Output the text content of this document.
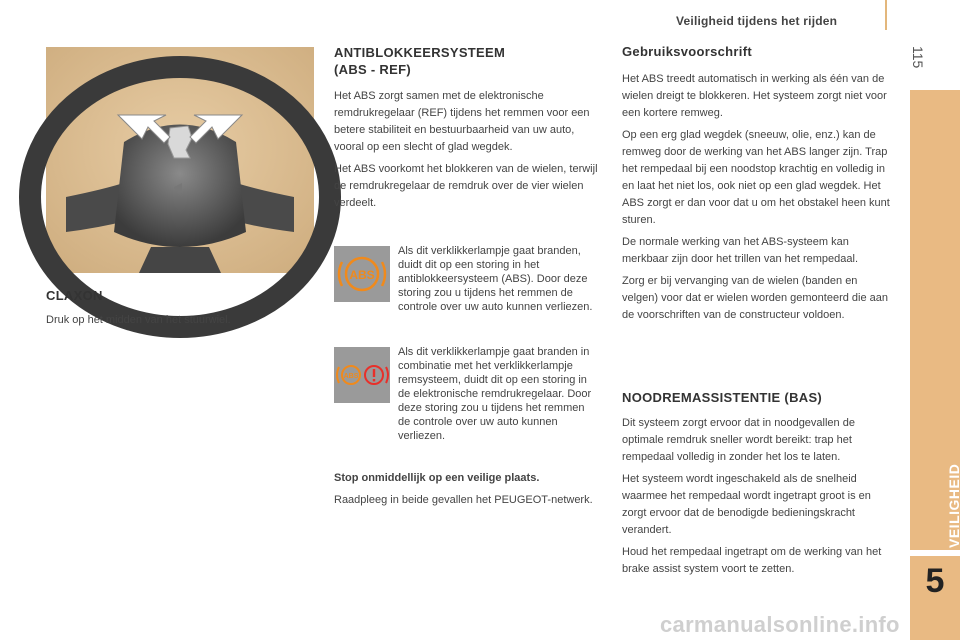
Veiligheid tijdens het rijden
115
VEILIGHEID
5
CLAXON

Druk op het midden van het stuurwiel.

ANTIBLOKKEERSYSTEEM
(ABS - REF)

Het ABS zorgt samen met de elektronische remdrukregelaar (REF) tijdens het remmen voor een betere stabiliteit en bestuurbaarheid van uw auto, vooral op een slecht of glad wegdek.

Het ABS voorkomt het blokkeren van de wielen, terwijl de remdrukregelaar de remdruk over de vier wielen verdeelt.

ABS

Als dit verklikkerlampje gaat branden, duidt dit op een storing in het antiblokkeersysteem (ABS). Door deze storing zou u tijdens het remmen de controle over uw auto kunnen verliezen.

ABS

Als dit verklikkerlampje gaat branden in combinatie met het verklikkerlampje remsysteem, duidt dit op een storing in de elektronische remdrukregelaar. Door deze storing zou u tijdens het remmen de controle over uw auto kunnen verliezen.

Stop onmiddellijk op een veilige plaats.

Raadpleeg in beide gevallen het PEUGEOT-netwerk.

Gebruiksvoorschrift

Het ABS treedt automatisch in werking als één van de wielen dreigt te blokkeren. Het systeem zorgt niet voor een kortere remweg.

Op een erg glad wegdek (sneeuw, olie, enz.) kan de remweg door de werking van het ABS langer zijn. Trap het rempedaal bij een noodstop krachtig en volledig in en laat het niet los, ook niet op een glad wegdek. Het ABS zorgt er dan voor dat u om het obstakel heen kunt sturen.

De normale werking van het ABS-systeem kan merkbaar zijn door het trillen van het rempedaal.

Zorg er bij vervanging van de wielen (banden en velgen) voor dat er wielen worden gemonteerd die aan de voorschriften van de constructeur voldoen.

NOODREMASSISTENTIE (BAS)

Dit systeem zorgt ervoor dat in noodgevallen de optimale remdruk sneller wordt bereikt: trap het rempedaal volledig in zonder het los te laten.

Het systeem wordt ingeschakeld als de snelheid waarmee het rempedaal wordt ingetrapt groot is en zorgt ervoor dat de benodigde bedieningskracht verandert.

Houd het rempedaal ingetrapt om de werking van het brake assist system voort te zetten.

carmanualsonline.info
